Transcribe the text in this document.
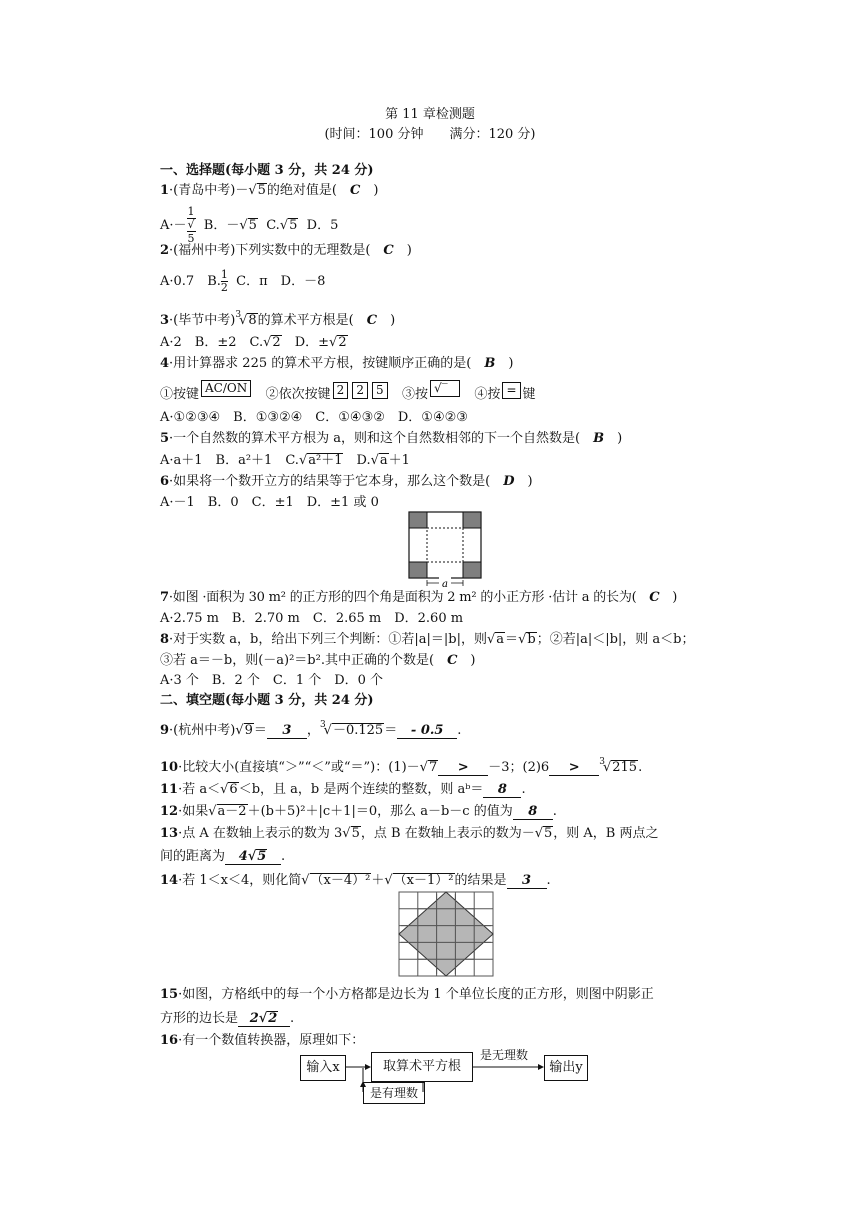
第 11 章检测题
(时间：100 分钟　　满分：120 分)
一、选择题(每小题 3 分，共 24 分)
1·(青岛中考)－√5的绝对值是(　C　)
A·－ 1
√
5 B．－√5 C.√5 D．5
2·(福州中考)下列实数中的无理数是(　C　)
A·0.7　B. $\frac{1}{2}$ C．π　D．－8
3·(毕节中考)$^3$√8的算术平方根是(　C　)
A·2　B．±2　C.√2　D．±√2
4·用计算器求 225 的算术平方根，按键顺序正确的是(　B　)
①按键 AC/ON ②依次按键 2 2 5 ③按 √‾ ④按 = 键
A·①②③④　B．①③②④　C．①④③②　D．①④②③
5·一个自然数的算术平方根为 a，则和这个自然数相邻的下一个自然数是(　B　)
A·a＋1　B．a²＋1　C.√a²＋1　D.√a＋1
6·如果将一个数开立方的结果等于它本身，那么这个数是(　D　)
A·－1　B．0　C．±1　D．±1 或 0
a
7·如图 ·面积为 30 m² 的正方形的四个角是面积为 2 m² 的小正方形 ·估计 a 的长为(　C　)
A·2.75 m　B．2.70 m　C．2.65 m　D．2.60 m
8·对于实数 a，b，给出下列三个判断：①若|a|＝|b|，则√a＝√b；②若|a|＜|b|，则 a＜b；
③若 a＝－b，则(－a)²＝b².其中正确的个数是(　C　)
A·3 个　B．2 个　C．1 个　D．0 个
二、填空题(每小题 3 分，共 24 分)
9·(杭州中考)√9＝ 3 ，$^3$√－0.125＝ - 0.5 .
10·比较大小(直接填“＞”“＜”或“＝”)：(1)－√7 > －3；(2)6 > $^3$√215.
11·若 a＜√6＜b，且 a，b 是两个连续的整数，则 aᵇ＝ 8 .
12·如果√a－2＋(b＋5)²＋|c＋1|＝0，那么 a－b－c 的值为 8 .
13·点 A 在数轴上表示的数为 3√5，点 B 在数轴上表示的数为－√5，则 A，B 两点之
间的距离为 4√5 .
14·若 1＜x＜4，则化简√（x－4）²＋√（x－1）²的结果是 3 .
15·如图，方格纸中的每一个小方格都是边长为 1 个单位长度的正方形，则图中阴影正
方形的边长是 2√2 .
16·有一个数值转换器，原理如下：
输入x	取算术平方根	输出y
是有理数
是无理数
